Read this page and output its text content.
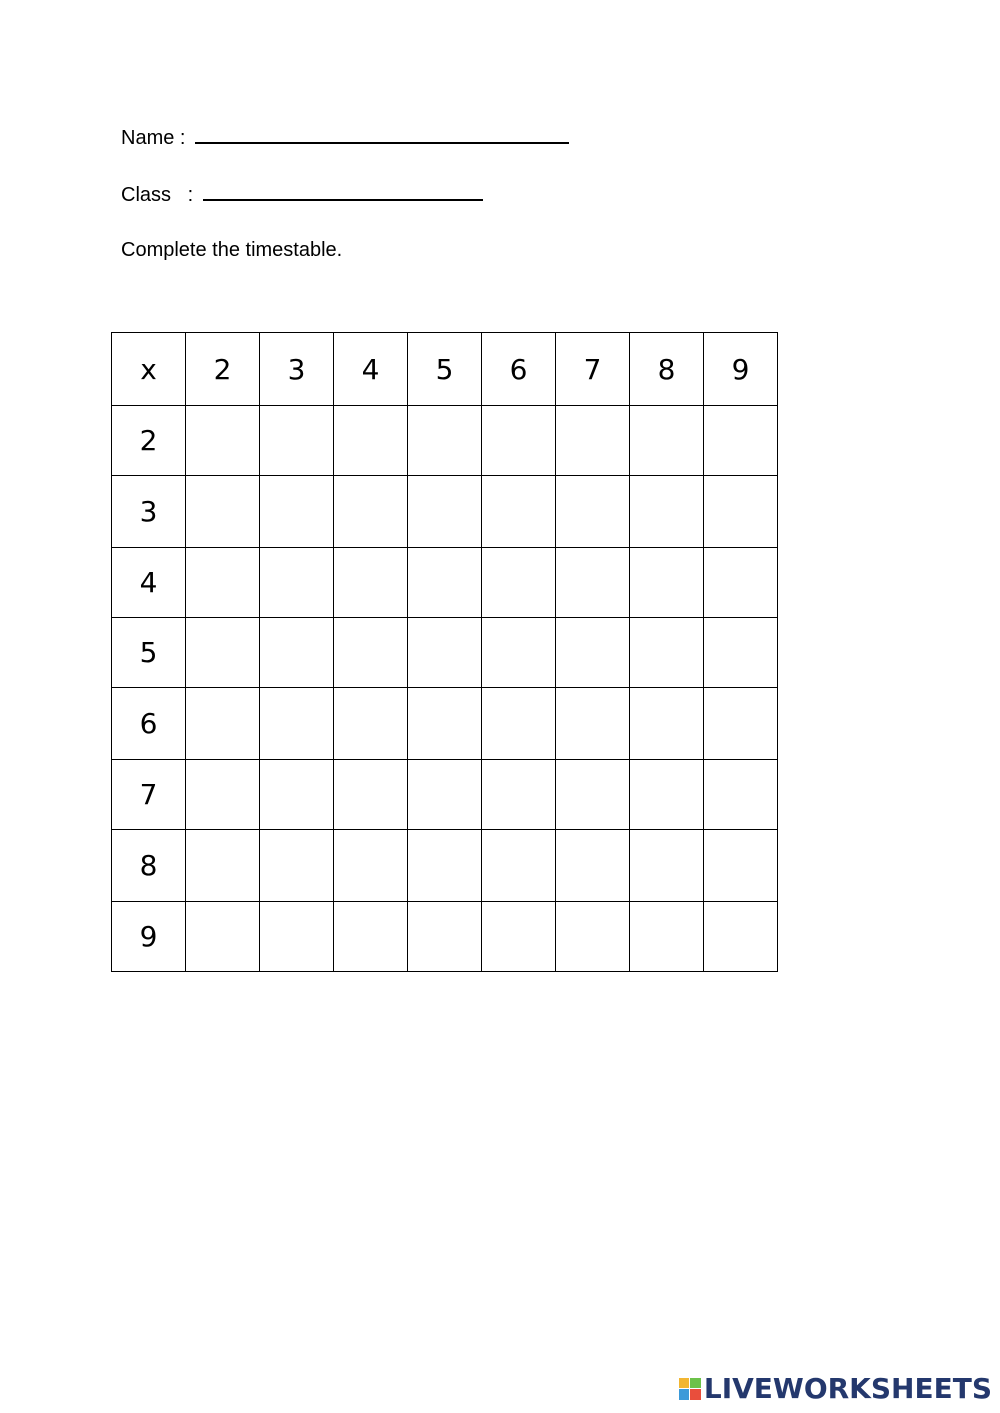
Name :
Class   :
Complete the timestable.
x	2	3	4	5	6	7	8	9
2								
3								
4								
5								
6								
7								
8								
9								
LIVEWORKSHEETS
